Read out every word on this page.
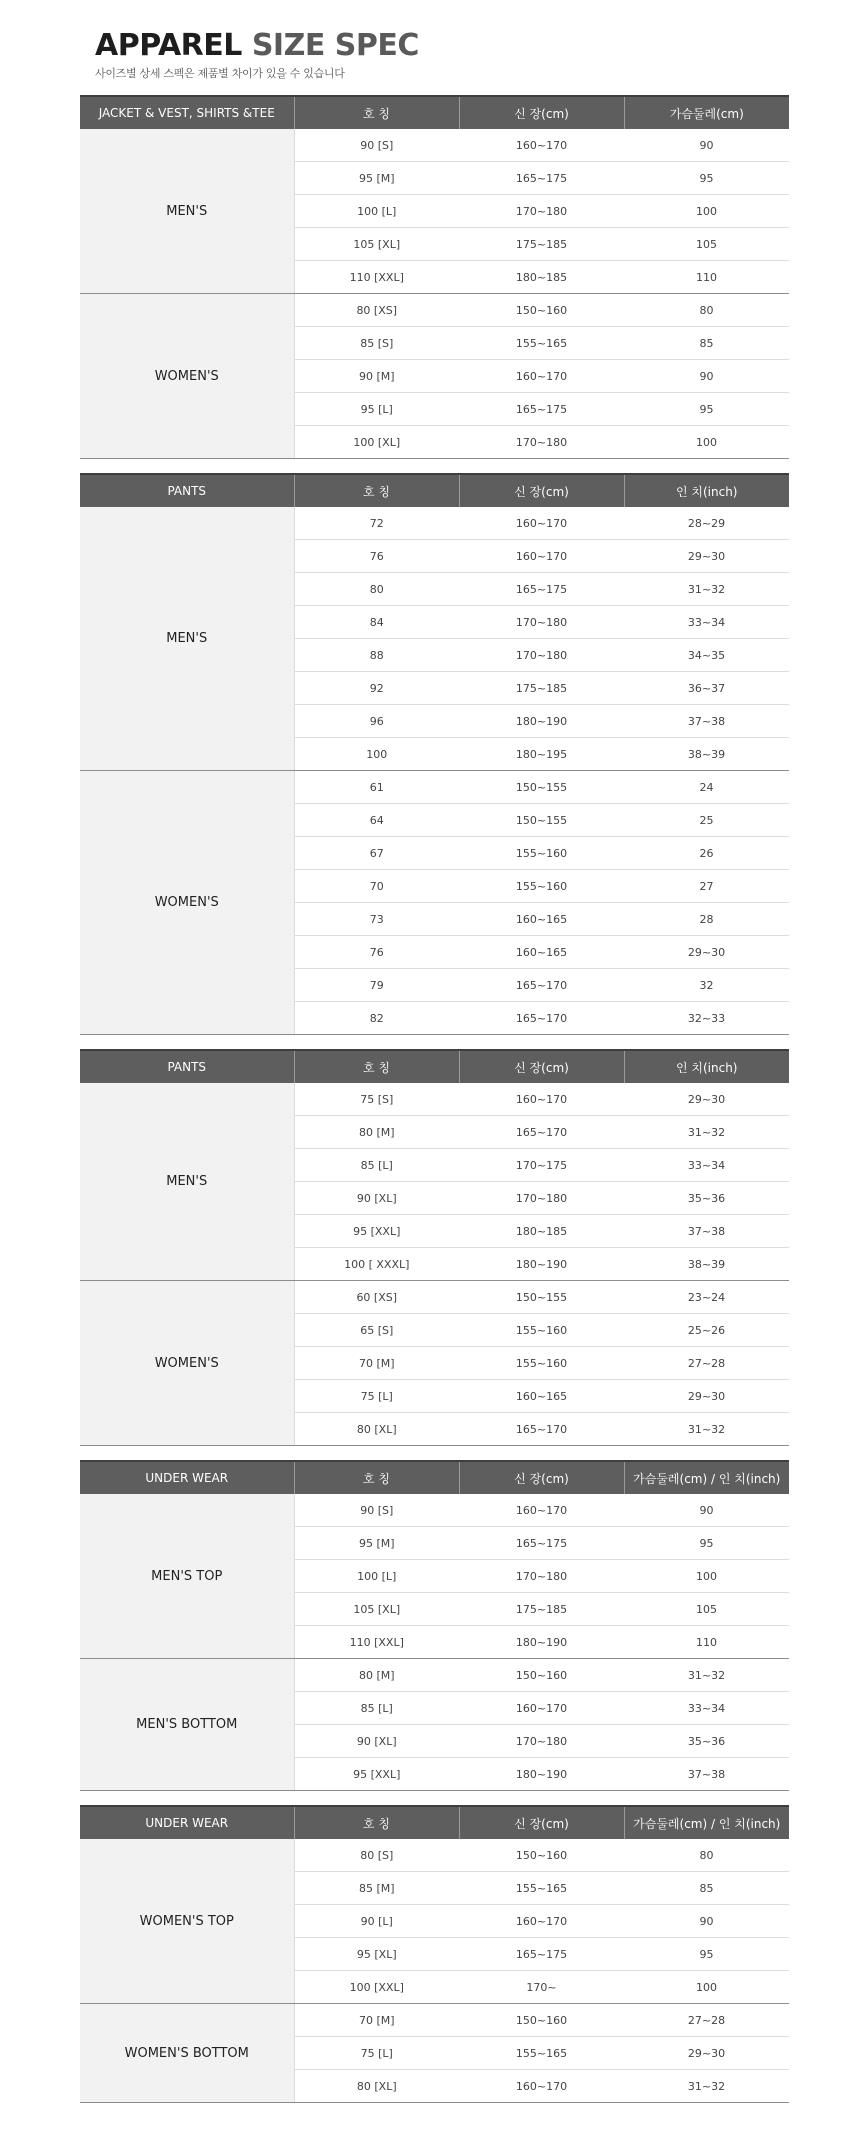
APPAREL SIZE SPEC
사이즈별 상세 스펙은 제품별 차이가 있을 수 있습니다
JACKET & VEST, SHIRTS &TEE	호 칭	신 장(cm)	가슴둘레(cm)
MEN'S	90 [S]	160~170	90
	95 [M]	165~175	95
	100 [L]	170~180	100
	105 [XL]	175~185	105
	110 [XXL]	180~185	110
WOMEN'S	80 [XS]	150~160	80
	85 [S]	155~165	85
	90 [M]	160~170	90
	95 [L]	165~175	95
	100 [XL]	170~180	100
PANTS	호 칭	신 장(cm)	인 치(inch)
MEN'S	72	160~170	28~29
	76	160~170	29~30
	80	165~175	31~32
	84	170~180	33~34
	88	170~180	34~35
	92	175~185	36~37
	96	180~190	37~38
	100	180~195	38~39
WOMEN'S	61	150~155	24
	64	150~155	25
	67	155~160	26
	70	155~160	27
	73	160~165	28
	76	160~165	29~30
	79	165~170	32
	82	165~170	32~33
PANTS	호 칭	신 장(cm)	인 치(inch)
MEN'S	75 [S]	160~170	29~30
	80 [M]	165~170	31~32
	85 [L]	170~175	33~34
	90 [XL]	170~180	35~36
	95 [XXL]	180~185	37~38
	100 [ XXXL]	180~190	38~39
WOMEN'S	60 [XS]	150~155	23~24
	65 [S]	155~160	25~26
	70 [M]	155~160	27~28
	75 [L]	160~165	29~30
	80 [XL]	165~170	31~32
UNDER WEAR	호 칭	신 장(cm)	가슴둘레(cm) / 인 치(inch)
MEN'S TOP	90 [S]	160~170	90
	95 [M]	165~175	95
	100 [L]	170~180	100
	105 [XL]	175~185	105
	110 [XXL]	180~190	110
MEN'S BOTTOM	80 [M]	150~160	31~32
	85 [L]	160~170	33~34
	90 [XL]	170~180	35~36
	95 [XXL]	180~190	37~38
UNDER WEAR	호 칭	신 장(cm)	가슴둘레(cm) / 인 치(inch)
WOMEN'S TOP	80 [S]	150~160	80
	85 [M]	155~165	85
	90 [L]	160~170	90
	95 [XL]	165~175	95
	100 [XXL]	170~	100
WOMEN'S BOTTOM	70 [M]	150~160	27~28
	75 [L]	155~165	29~30
	80 [XL]	160~170	31~32
